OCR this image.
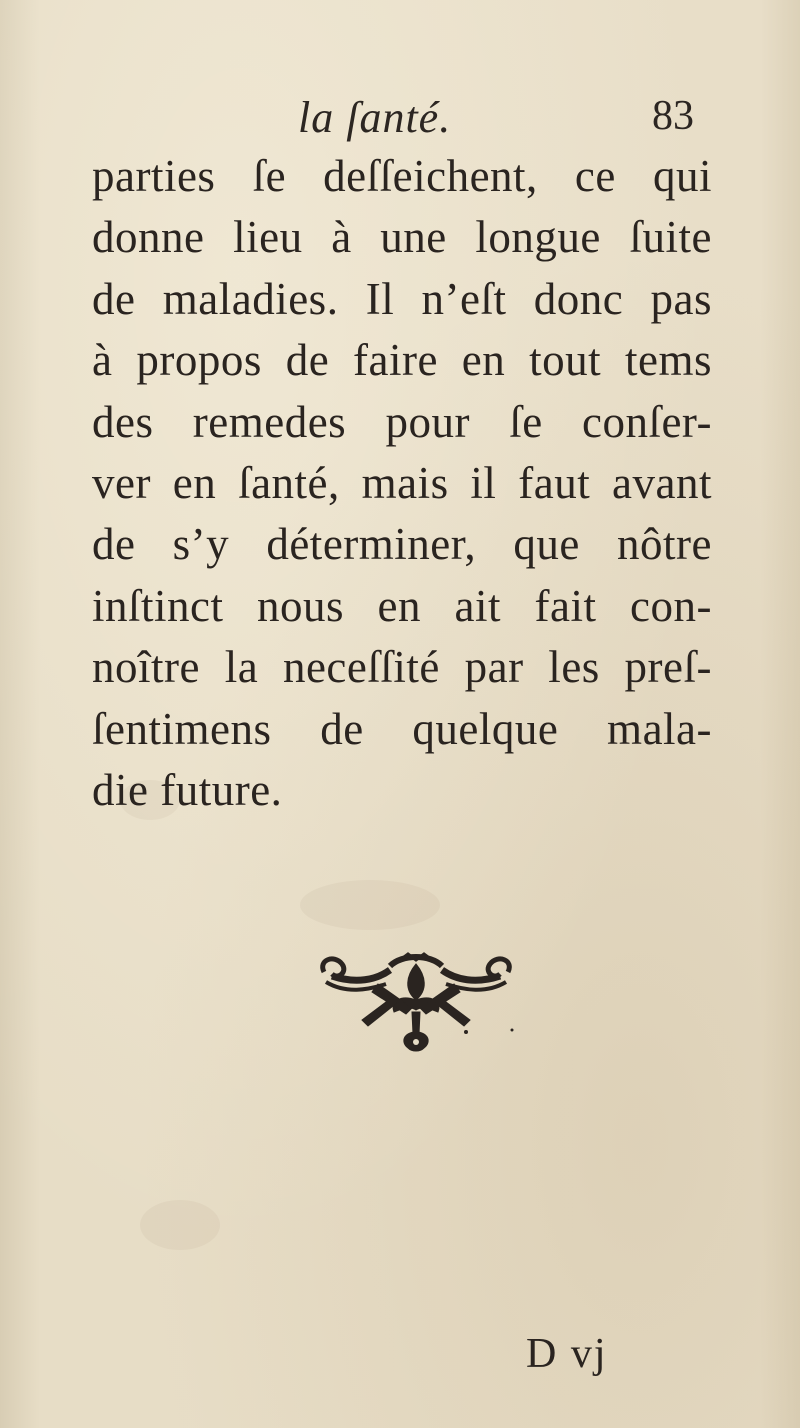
la ſanté.	83
parties ſe deſſeichent, ce qui
donne lieu à une longue ſuite
de maladies. Il n’eſt donc pas
à propos de faire en tout tems
des remedes pour ſe conſer-
ver en ſanté, mais il faut avant
de s’y déterminer, que nôtre
inſtinct nous en ait fait con-
noître la neceſſité par les preſ-
ſentimens de quelque mala-
die future.
D vj
